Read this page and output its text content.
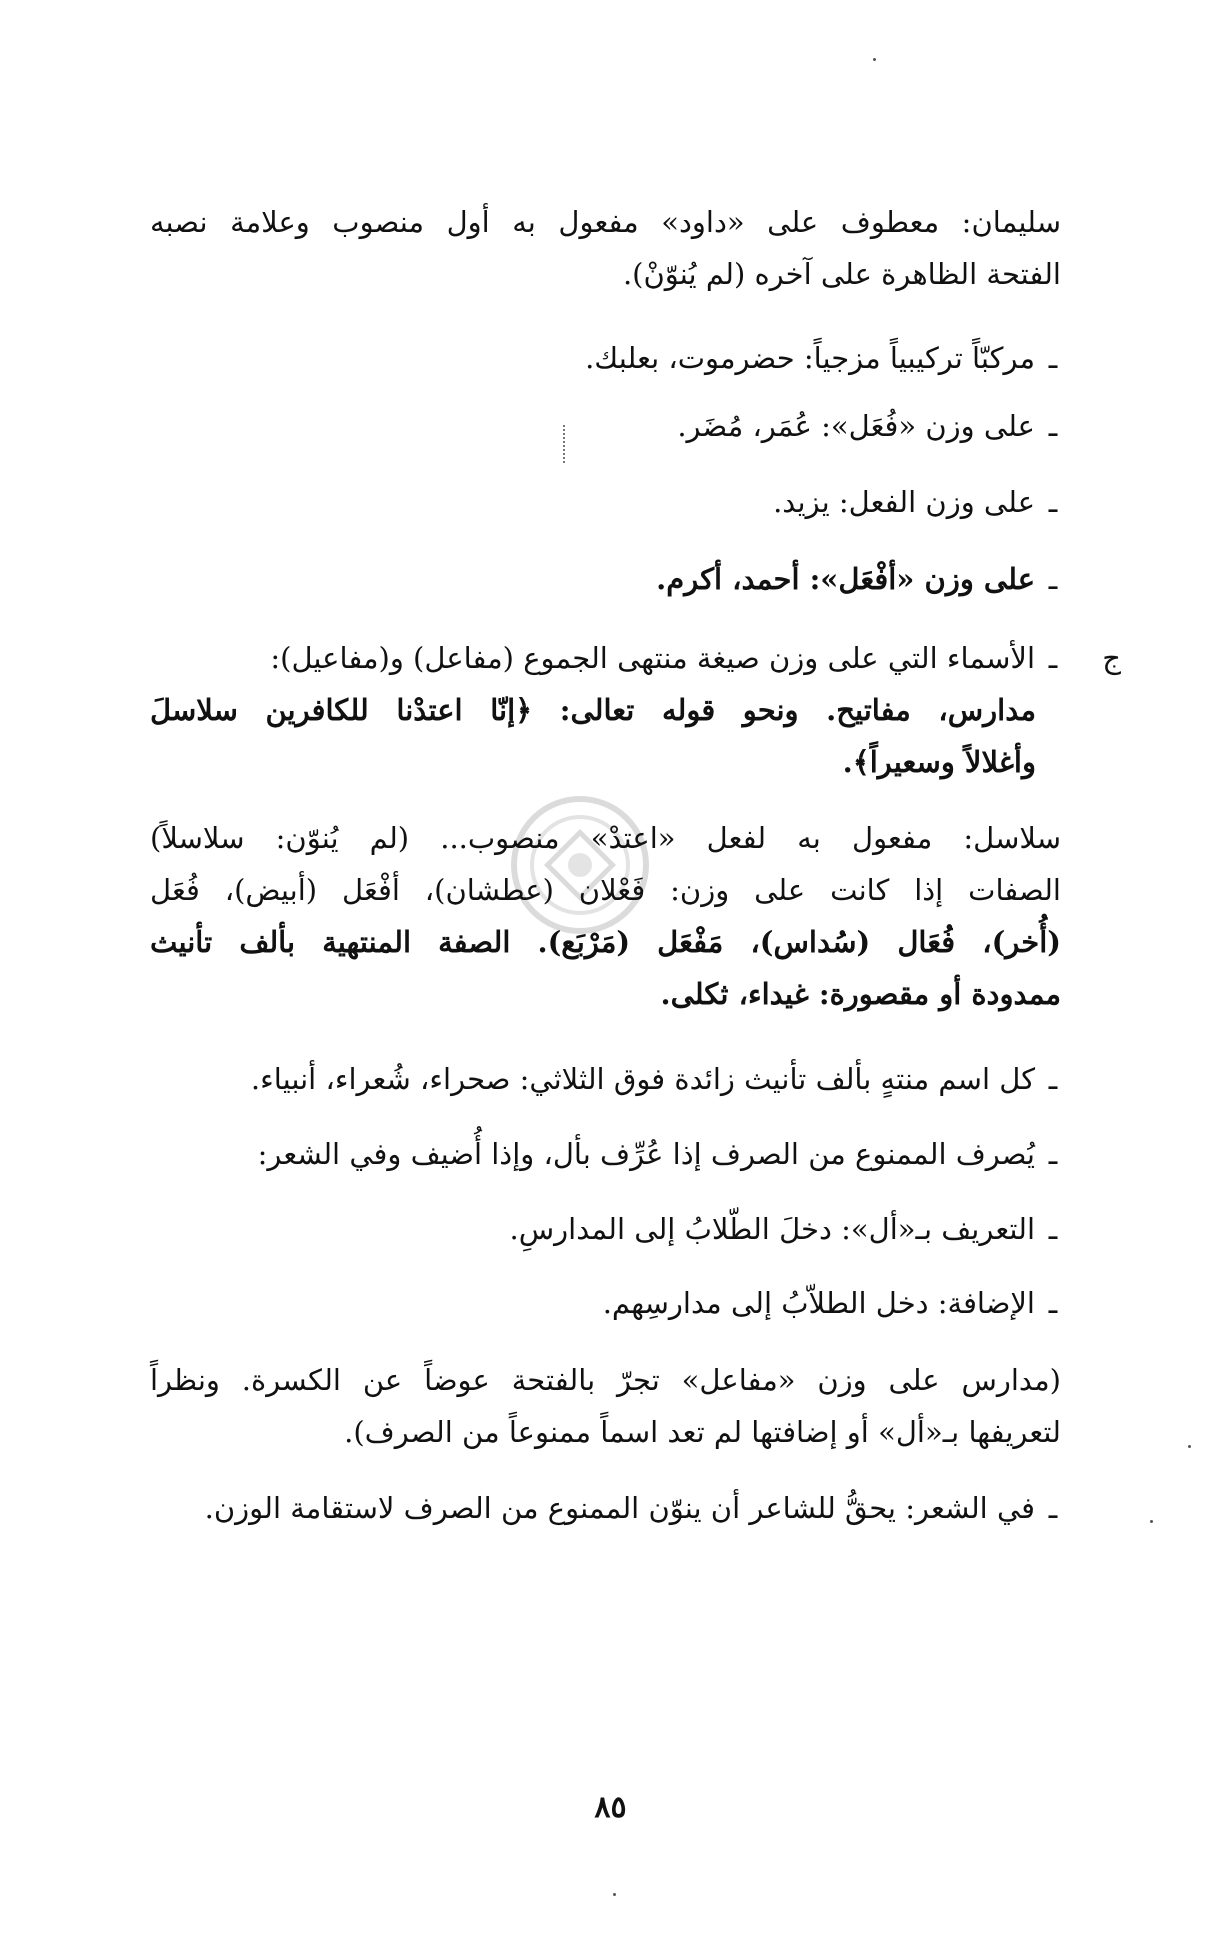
سليمان: معطوف على «داود» مفعول به أول منصوب وعلامة نصبه
الفتحة الظاهرة على آخره (لم يُنوّنْ).
ـمركبّاً تركيبياً مزجياً: حضرموت، بعلبك.
ـعلى وزن «فُعَل»: عُمَر، مُضَر.
ـعلى وزن الفعل: يزيد.
ـعلى وزن «أفْعَل»: أحمد، أكرم.
ج
ـالأسماء التي على وزن صيغة منتهى الجموع (مفاعل) و(مفاعيل):
مدارس، مفاتيح. ونحو قوله تعالى: ﴿إنّا اعتدْنا للكافرين سلاسلَ
وأغلالاً وسعيراً﴾.
سلاسل: مفعول به لفعل «اعتدْ» منصوب... (لم يُنوّن: سلاسلاً)
الصفات إذا كانت على وزن: فَعْلان (عطشان)، أفْعَل (أبيض)، فُعَل
(أُخر)، فُعَال (سُداس)، مَفْعَل (مَرْبَع). الصفة المنتهية بألف تأنيث
ممدودة أو مقصورة: غيداء، ثكلى.
ـكل اسم منتهٍ بألف تأنيث زائدة فوق الثلاثي: صحراء، شُعراء، أنبياء.
ـيُصرف الممنوع من الصرف إذا عُرِّف بأل، وإذا أُضيف وفي الشعر:
ـالتعريف بـ«أل»: دخلَ الطّلابُ إلى المدارسِ.
ـالإضافة: دخل الطلاّبُ إلى مدارسِهم.
(مدارس على وزن «مفاعل» تجرّ بالفتحة عوضاً عن الكسرة. ونظراً
لتعريفها بـ«أل» أو إضافتها لم تعد اسماً ممنوعاً من الصرف).
ـفي الشعر: يحقُّ للشاعر أن ينوّن الممنوع من الصرف لاستقامة الوزن.
٨٥
